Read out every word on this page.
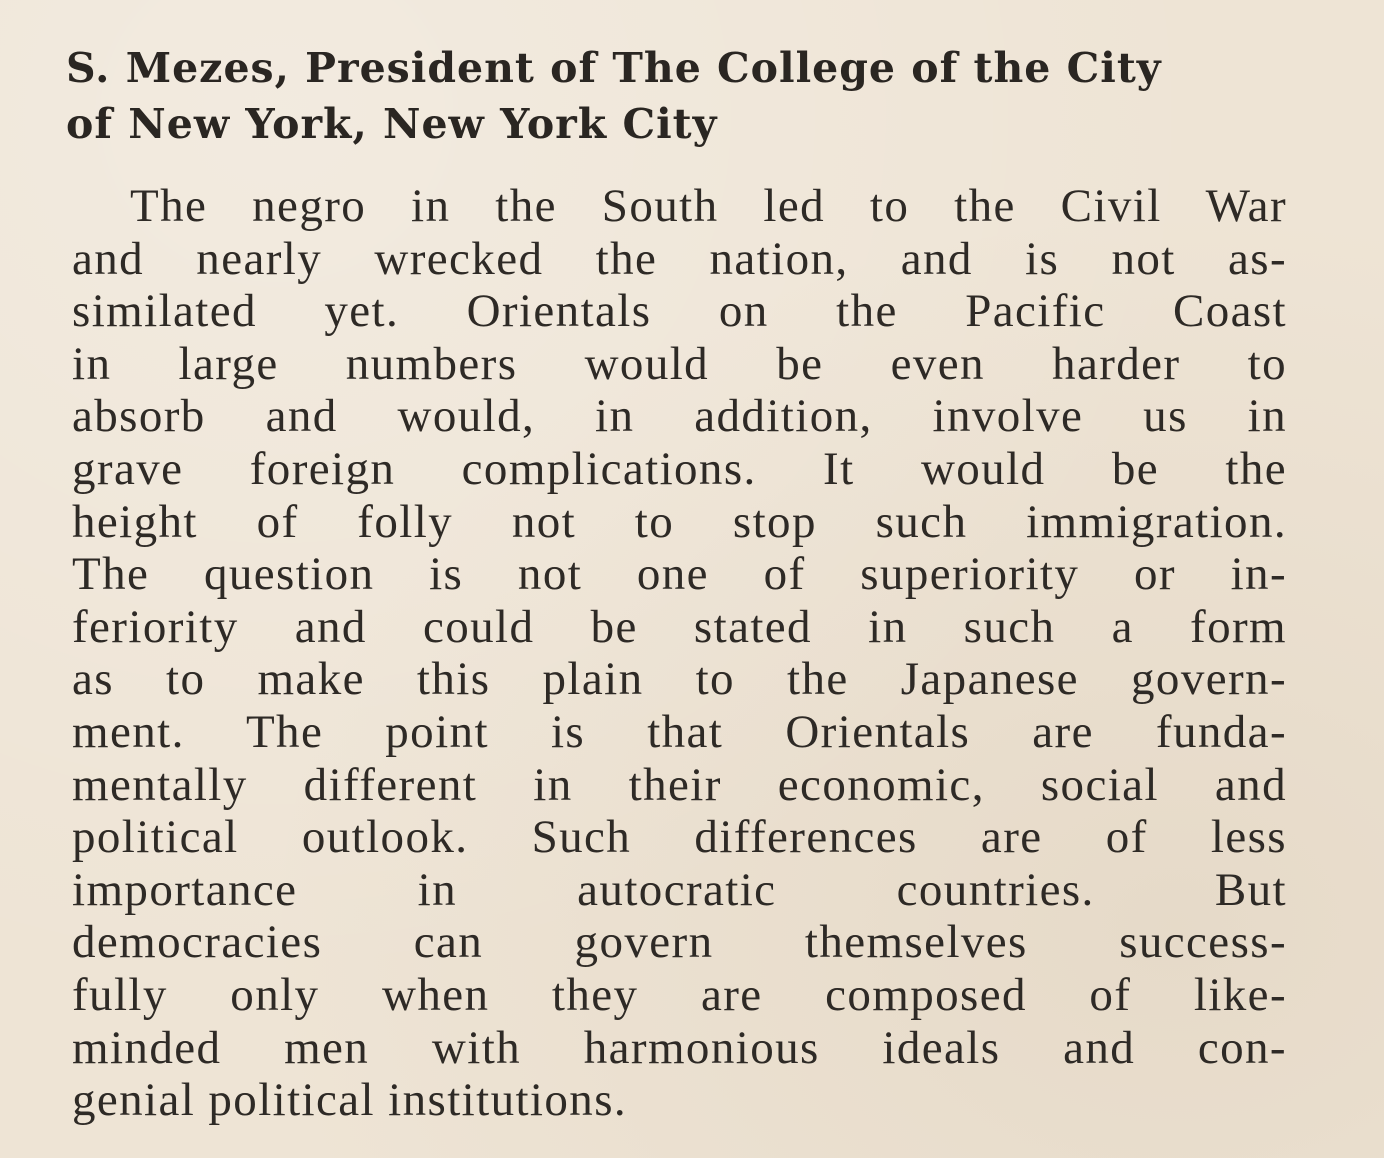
S. Mezes, President of The College of the City
of New York, New York City
The negro in the South led to the Civil War
and nearly wrecked the nation, and is not as-
similated yet. Orientals on the Pacific Coast
in large numbers would be even harder to
absorb and would, in addition, involve us in
grave foreign complications. It would be the
height of folly not to stop such immigration.
The question is not one of superiority or in-
feriority and could be stated in such a form
as to make this plain to the Japanese govern-
ment. The point is that Orientals are funda-
mentally different in their economic, social and
political outlook. Such differences are of less
importance in autocratic countries. But
democracies can govern themselves success-
fully only when they are composed of like-
minded men with harmonious ideals and con-
genial political institutions.
